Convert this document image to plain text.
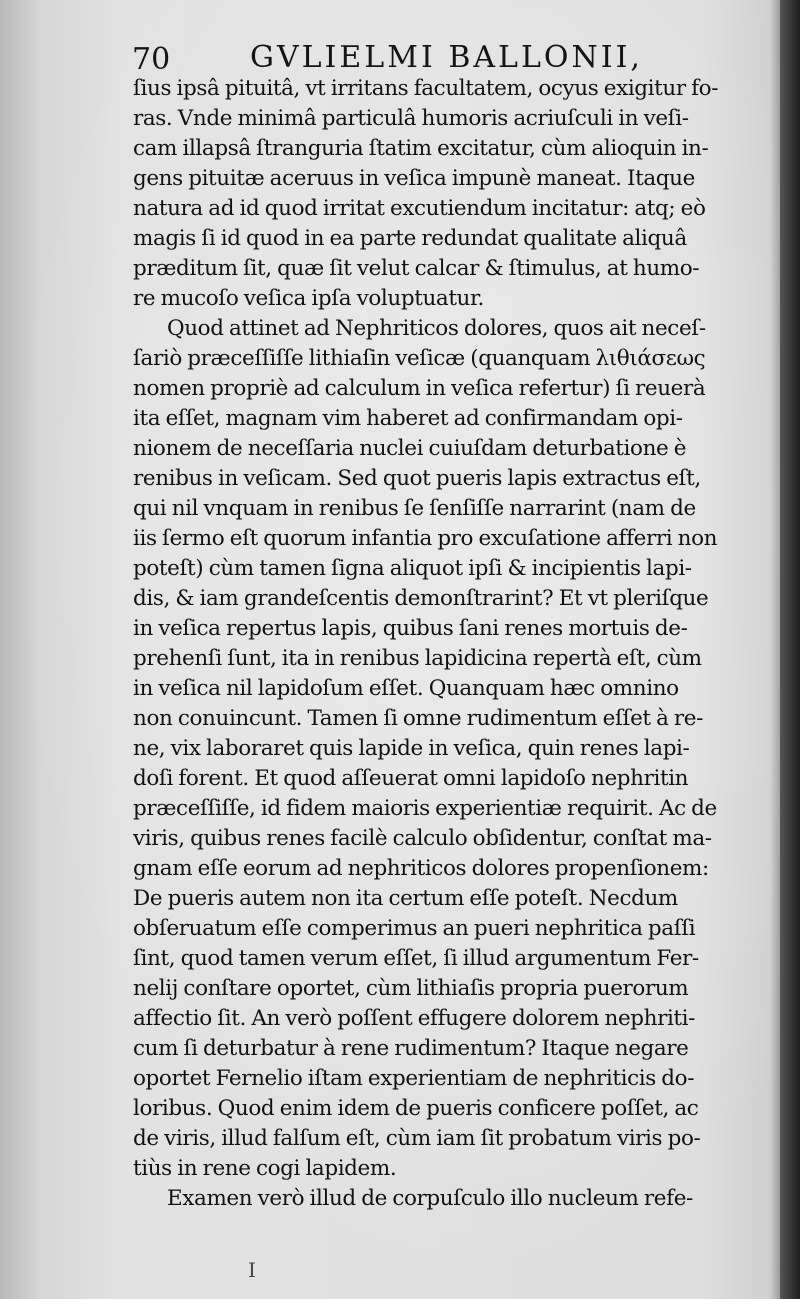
70	GVLIELMI BALLONII,
ſius ipsâ pituitâ, vt irritans facultatem, ocyus exigitur fo-
ras. Vnde minimâ particulâ humoris acriuſculi in veſi-
cam illapsâ ſtranguria ſtatim excitatur, cùm alioquin in-
gens pituitæ aceruus in veſica impunè maneat. Itaque
natura ad id quod irritat excutiendum incitatur: atq; eò
magis ſi id quod in ea parte redundat qualitate aliquâ
præditum ſit, quæ ſit velut calcar & ſtimulus, at humo-
re mucoſo veſica ipſa voluptuatur.
Quod attinet ad Nephriticos dolores, quos ait neceſ-
ſariò præceſſiſſe lithiaſin veſicæ (quanquam λιθιάσεως
nomen propriè ad calculum in veſica refertur) ſi reuerà
ita eſſet, magnam vim haberet ad confirmandam opi-
nionem de neceſſaria nuclei cuiuſdam deturbatione è
renibus in veſicam. Sed quot pueris lapis extractus eſt,
qui nil vnquam in renibus ſe ſenſiſſe narrarint (nam de
iis ſermo eſt quorum infantia pro excuſatione afferri non
poteſt) cùm tamen ſigna aliquot ipſi & incipientis lapi-
dis, & iam grandeſcentis demonſtrarint? Et vt pleriſque
in veſica repertus lapis, quibus ſani renes mortuis de-
prehenſi ſunt, ita in renibus lapidicina repertà eſt, cùm
in veſica nil lapidoſum eſſet. Quanquam hæc omnino
non conuincunt. Tamen ſi omne rudimentum eſſet à re-
ne, vix laboraret quis lapide in veſica, quin renes lapi-
doſi forent. Et quod aſſeuerat omni lapidoſo nephritin
præceſſiſſe, id fidem maioris experientiæ requirit. Ac de
viris, quibus renes facilè calculo obſidentur, conſtat ma-
gnam eſſe eorum ad nephriticos dolores propenſionem:
De pueris autem non ita certum eſſe poteſt. Necdum
obſeruatum eſſe comperimus an pueri nephritica paſſi
ſint, quod tamen verum eſſet, ſi illud argumentum Fer-
nelij conſtare oportet, cùm lithiaſis propria puerorum
affectio ſit. An verò poſſent effugere dolorem nephriti-
cum ſi deturbatur à rene rudimentum? Itaque negare
oportet Fernelio iſtam experientiam de nephriticis do-
loribus. Quod enim idem de pueris conficere poſſet, ac
de viris, illud falſum eſt, cùm iam ſit probatum viris po-
tiùs in rene cogi lapidem.
Examen verò illud de corpuſculo illo nucleum refe-
I
